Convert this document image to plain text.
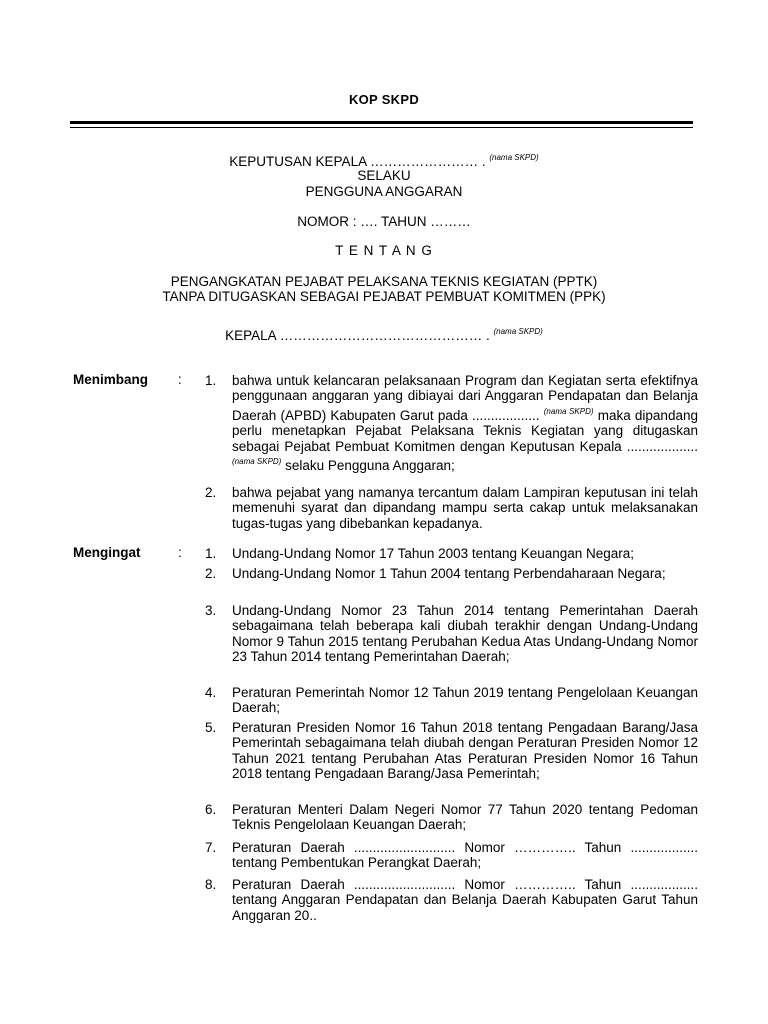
KOP SKPD
KEPUTUSAN KEPALA …………………… . $^{(nama SKPD)}$
SELAKU
PENGGUNA ANGGARAN
NOMOR : …. TAHUN ………
T E N T A N G
PENGANGKATAN PEJABAT PELAKSANA TEKNIS KEGIATAN (PPTK)
TANPA DITUGASKAN SEBAGAI PEJABAT PEMBUAT KOMITMEN (PPK)
KEPALA ……………………………………… . $^{(nama SKPD)}$
Menimbang : 1. bahwa untuk kelancaran pelaksanaan Program dan Kegiatan serta efektifnya penggunaan anggaran yang dibiayai dari Anggaran Pendapatan dan Belanja Daerah (APBD) Kabupaten Garut pada .................. $^{(nama SKPD)}$ maka dipandang perlu menetapkan Pejabat Pelaksana Teknis Kegiatan yang ditugaskan sebagai Pejabat Pembuat Komitmen dengan Keputusan Kepala ................... $^{(nama SKPD)}$ selaku Pengguna Anggaran;
2. bahwa pejabat yang namanya tercantum dalam Lampiran keputusan ini telah memenuhi syarat dan dipandang mampu serta cakap untuk melaksanakan tugas-tugas yang dibebankan kepadanya.
Mengingat	: 1. Undang-Undang Nomor 17 Tahun 2003 tentang Keuangan Negara;
2. Undang-Undang Nomor 1 Tahun 2004 tentang Perbendaharaan Negara;
3. Undang-Undang Nomor 23 Tahun 2014 tentang Pemerintahan Daerah sebagaimana telah beberapa kali diubah terakhir dengan Undang-Undang Nomor 9 Tahun 2015 tentang Perubahan Kedua Atas Undang-Undang Nomor 23 Tahun 2014 tentang Pemerintahan Daerah;
4. Peraturan Pemerintah Nomor 12 Tahun 2019 tentang Pengelolaan Keuangan Daerah;
5. Peraturan Presiden Nomor 16 Tahun 2018 tentang Pengadaan Barang/Jasa Pemerintah sebagaimana telah diubah dengan Peraturan Presiden Nomor 12 Tahun 2021 tentang Perubahan Atas Peraturan Presiden Nomor 16 Tahun 2018 tentang Pengadaan Barang/Jasa Pemerintah;
6. Peraturan Menteri Dalam Negeri Nomor 77 Tahun 2020 tentang Pedoman Teknis Pengelolaan Keuangan Daerah;
7. Peraturan Daerah ........................... Nomor ………….. Tahun .................. tentang Pembentukan Perangkat Daerah;
8. Peraturan Daerah ........................... Nomor ………….. Tahun .................. tentang Anggaran Pendapatan dan Belanja Daerah Kabupaten Garut Tahun Anggaran 20..
